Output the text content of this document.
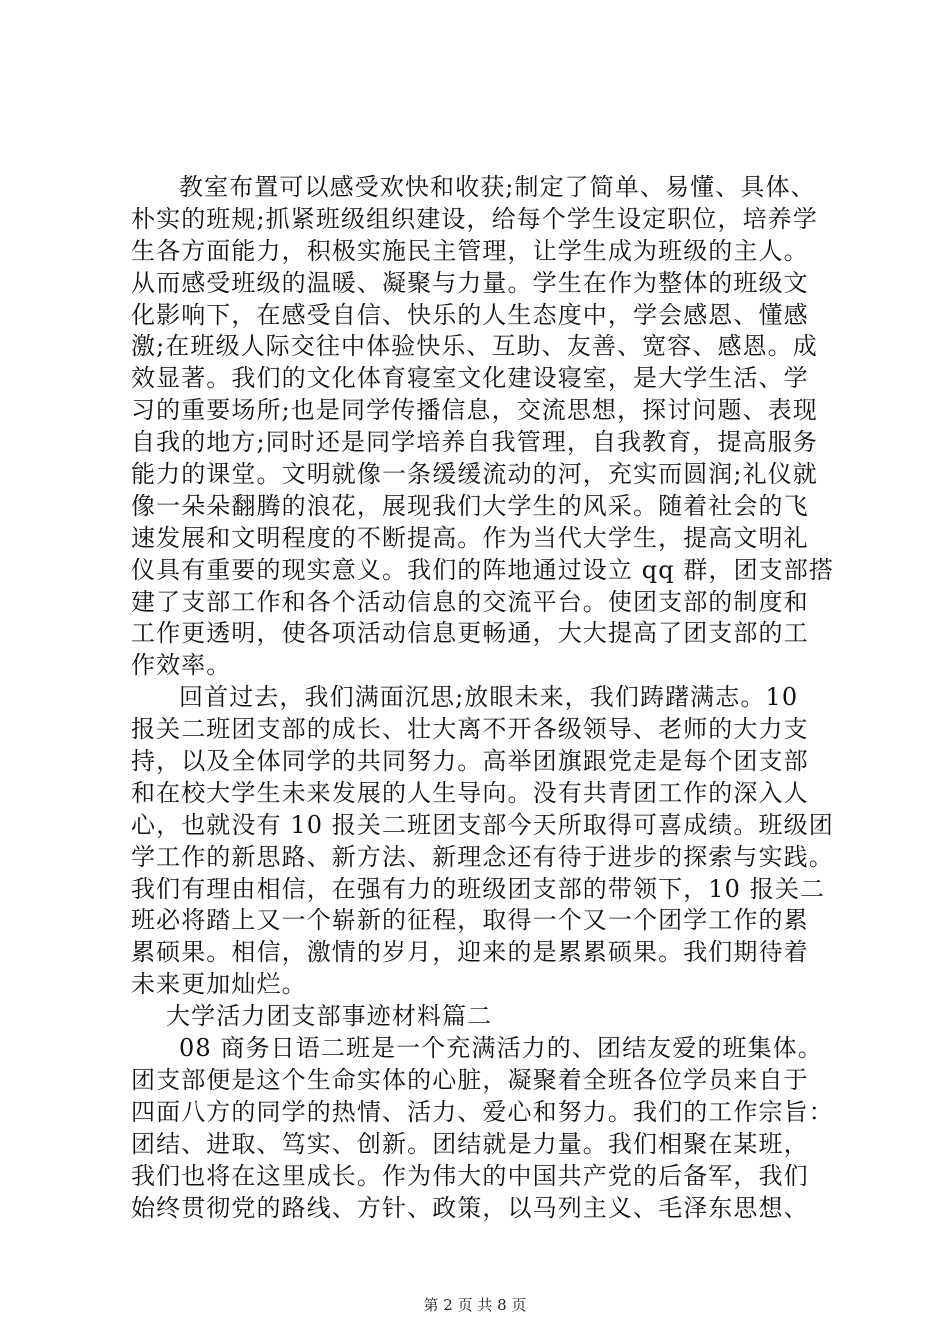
教室布置可以感受欢快和收获;制定了简单、易懂、具体、
朴实的班规;抓紧班级组织建设，给每个学生设定职位，培养学
生各方面能力，积极实施民主管理，让学生成为班级的主人。
从而感受班级的温暖、凝聚与力量。学生在作为整体的班级文
化影响下，在感受自信、快乐的人生态度中，学会感恩、懂感
激;在班级人际交往中体验快乐、互助、友善、宽容、感恩。成
效显著。我们的文化体育寝室文化建设寝室，是大学生活、学
习的重要场所;也是同学传播信息，交流思想，探讨问题、表现
自我的地方;同时还是同学培养自我管理，自我教育，提高服务
能力的课堂。文明就像一条缓缓流动的河，充实而圆润;礼仪就
像一朵朵翻腾的浪花，展现我们大学生的风采。随着社会的飞
速发展和文明程度的不断提高。作为当代大学生，提高文明礼
仪具有重要的现实意义。我们的阵地通过设立 qq 群，团支部搭
建了支部工作和各个活动信息的交流平台。使团支部的制度和
工作更透明，使各项活动信息更畅通，大大提高了团支部的工
作效率。
回首过去，我们满面沉思;放眼未来，我们踌躇满志。10
报关二班团支部的成长、壮大离不开各级领导、老师的大力支
持，以及全体同学的共同努力。高举团旗跟党走是每个团支部
和在校大学生未来发展的人生导向。没有共青团工作的深入人
心，也就没有 10 报关二班团支部今天所取得可喜成绩。班级团
学工作的新思路、新方法、新理念还有待于进步的探索与实践。
我们有理由相信，在强有力的班级团支部的带领下，10 报关二
班必将踏上又一个崭新的征程，取得一个又一个团学工作的累
累硕果。相信，激情的岁月，迎来的是累累硕果。我们期待着
未来更加灿烂。
大学活力团支部事迹材料篇二
08 商务日语二班是一个充满活力的、团结友爱的班集体。
团支部便是这个生命实体的心脏，凝聚着全班各位学员来自于
四面八方的同学的热情、活力、爱心和努力。我们的工作宗旨：
团结、进取、笃实、创新。团结就是力量。我们相聚在某班，
我们也将在这里成长。作为伟大的中国共产党的后备军，我们
始终贯彻党的路线、方针、政策，以马列主义、毛泽东思想、
第 2 页 共 8 页
